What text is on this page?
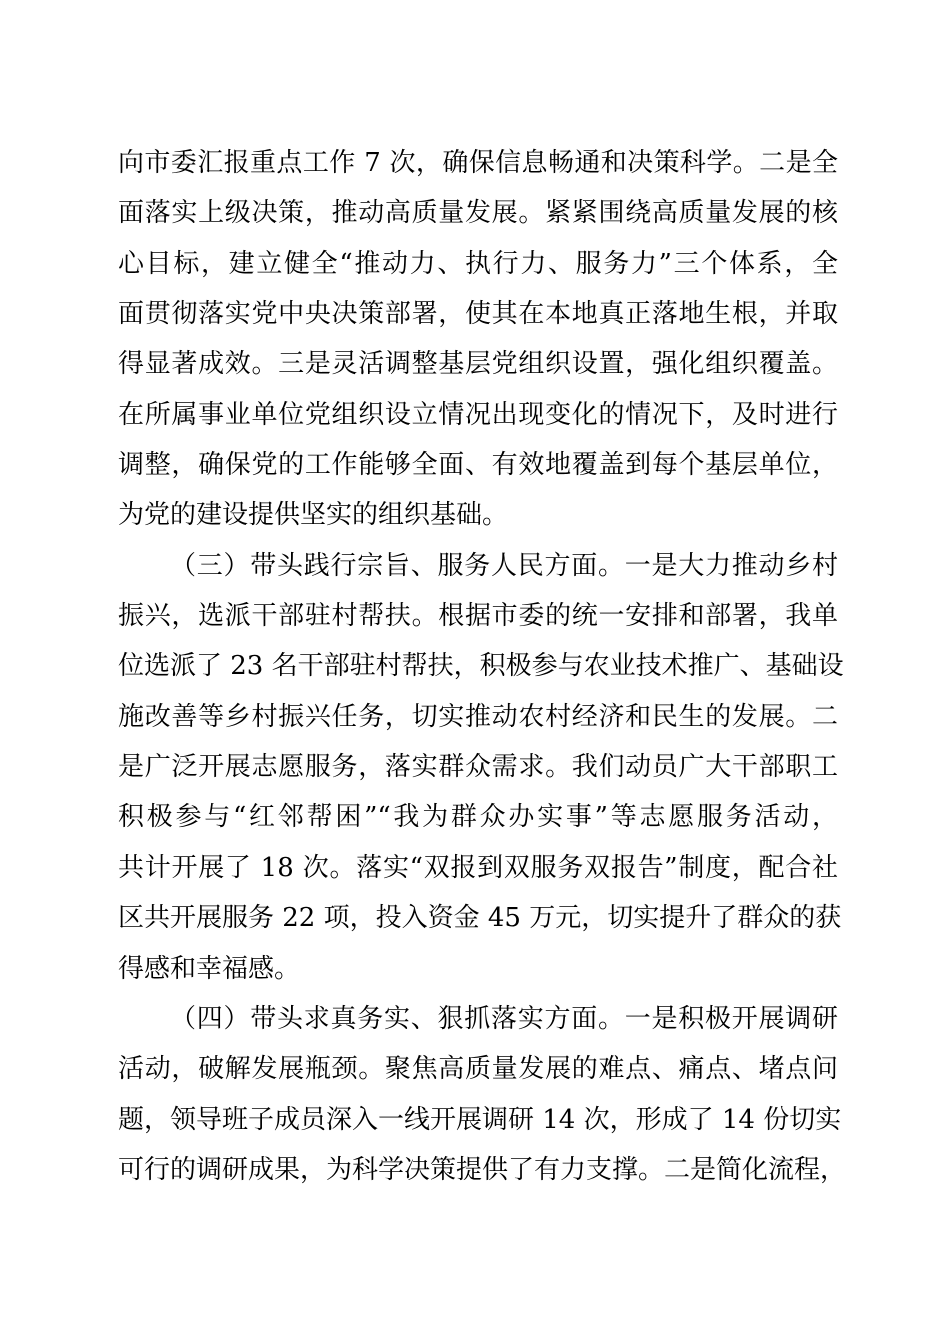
向市委汇报重点工作 7 次，确保信息畅通和决策科学。二是全
面落实上级决策，推动高质量发展。紧紧围绕高质量发展的核
心目标，建立健全“推动力、执行力、服务力”三个体系，全
面贯彻落实党中央决策部署，使其在本地真正落地生根，并取
得显著成效。三是灵活调整基层党组织设置，强化组织覆盖。
在所属事业单位党组织设立情况出现变化的情况下，及时进行
调整，确保党的工作能够全面、有效地覆盖到每个基层单位，
为党的建设提供坚实的组织基础。
（三）带头践行宗旨、服务人民方面。一是大力推动乡村
振兴，选派干部驻村帮扶。根据市委的统一安排和部署，我单
位选派了 23 名干部驻村帮扶，积极参与农业技术推广、基础设
施改善等乡村振兴任务，切实推动农村经济和民生的发展。二
是广泛开展志愿服务，落实群众需求。我们动员广大干部职工
积极参与“红邻帮困”“我为群众办实事”等志愿服务活动，
共计开展了 18 次。落实“双报到双服务双报告”制度，配合社
区共开展服务 22 项，投入资金 45 万元，切实提升了群众的获
得感和幸福感。
（四）带头求真务实、狠抓落实方面。一是积极开展调研
活动，破解发展瓶颈。聚焦高质量发展的难点、痛点、堵点问
题，领导班子成员深入一线开展调研 14 次，形成了 14 份切实
可行的调研成果，为科学决策提供了有力支撑。二是简化流程，
